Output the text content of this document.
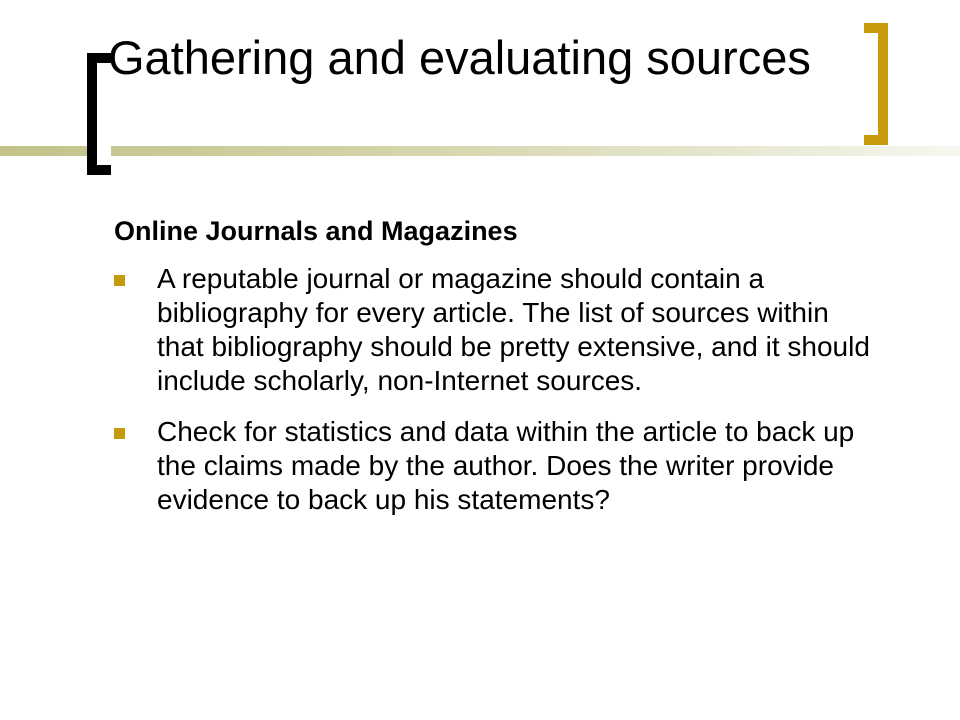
Gathering and evaluating sources
Online Journals and Magazines
A reputable journal or magazine should contain a bibliography for every article. The list of sources within that bibliography should be pretty extensive, and it should include scholarly, non-Internet sources.
Check for statistics and data within the article to back up the claims made by the author. Does the writer provide evidence to back up his statements?
